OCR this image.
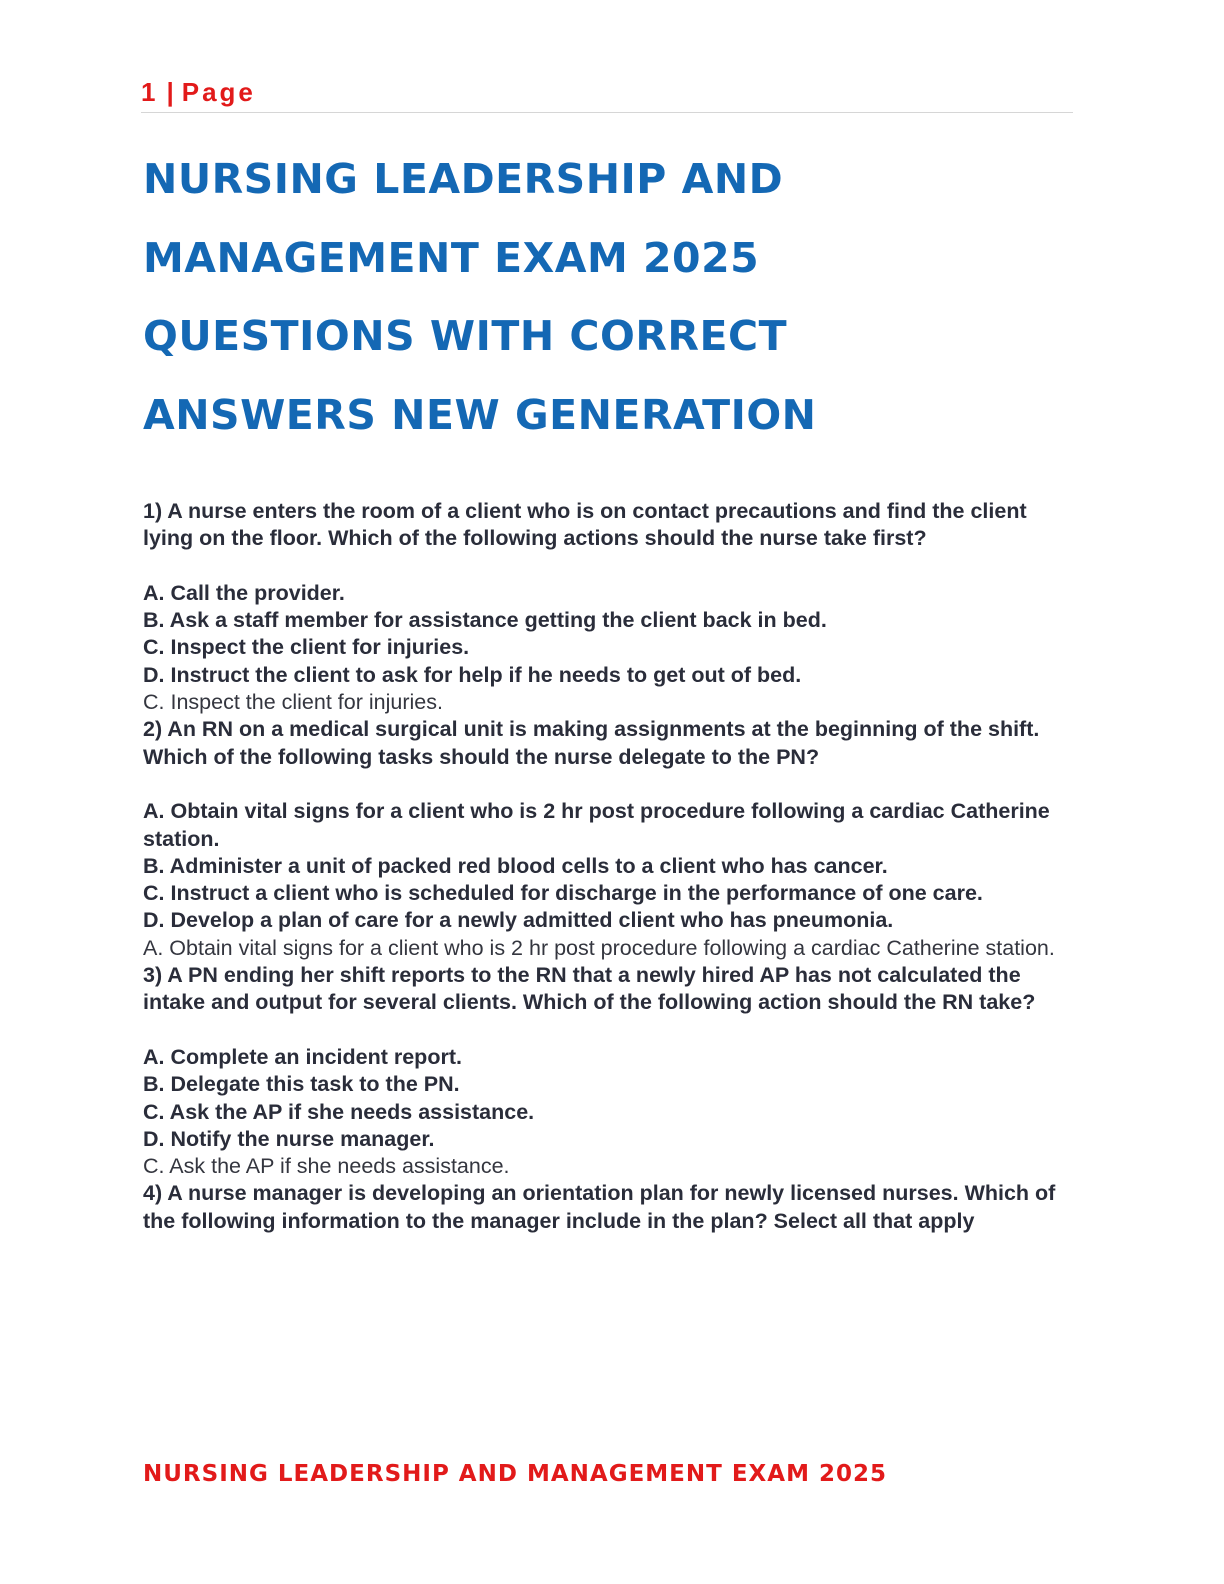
1 | Page
NURSING LEADERSHIP AND
MANAGEMENT EXAM 2025
QUESTIONS WITH CORRECT
ANSWERS NEW GENERATION

1) A nurse enters the room of a client who is on contact precautions and find the client lying on the floor. Which of the following actions should the nurse take first?

A. Call the provider.

B. Ask a staff member for assistance getting the client back in bed.

C. Inspect the client for injuries.

D. Instruct the client to ask for help if he needs to get out of bed.

C. Inspect the client for injuries.

2) An RN on a medical surgical unit is making assignments at the beginning of the shift. Which of the following tasks should the nurse delegate to the PN?

A. Obtain vital signs for a client who is 2 hr post procedure following a cardiac Catherine station.

B. Administer a unit of packed red blood cells to a client who has cancer.

C. Instruct a client who is scheduled for discharge in the performance of one care.

D. Develop a plan of care for a newly admitted client who has pneumonia.

A. Obtain vital signs for a client who is 2 hr post procedure following a cardiac Catherine station.

3) A PN ending her shift reports to the RN that a newly hired AP has not calculated the intake and output for several clients. Which of the following action should the RN take?

A. Complete an incident report.

B. Delegate this task to the PN.

C. Ask the AP if she needs assistance.

D. Notify the nurse manager.

C. Ask the AP if she needs assistance.

4) A nurse manager is developing an orientation plan for newly licensed nurses. Which of the following information to the manager include in the plan? Select all that apply

NURSING LEADERSHIP AND MANAGEMENT EXAM 2025
